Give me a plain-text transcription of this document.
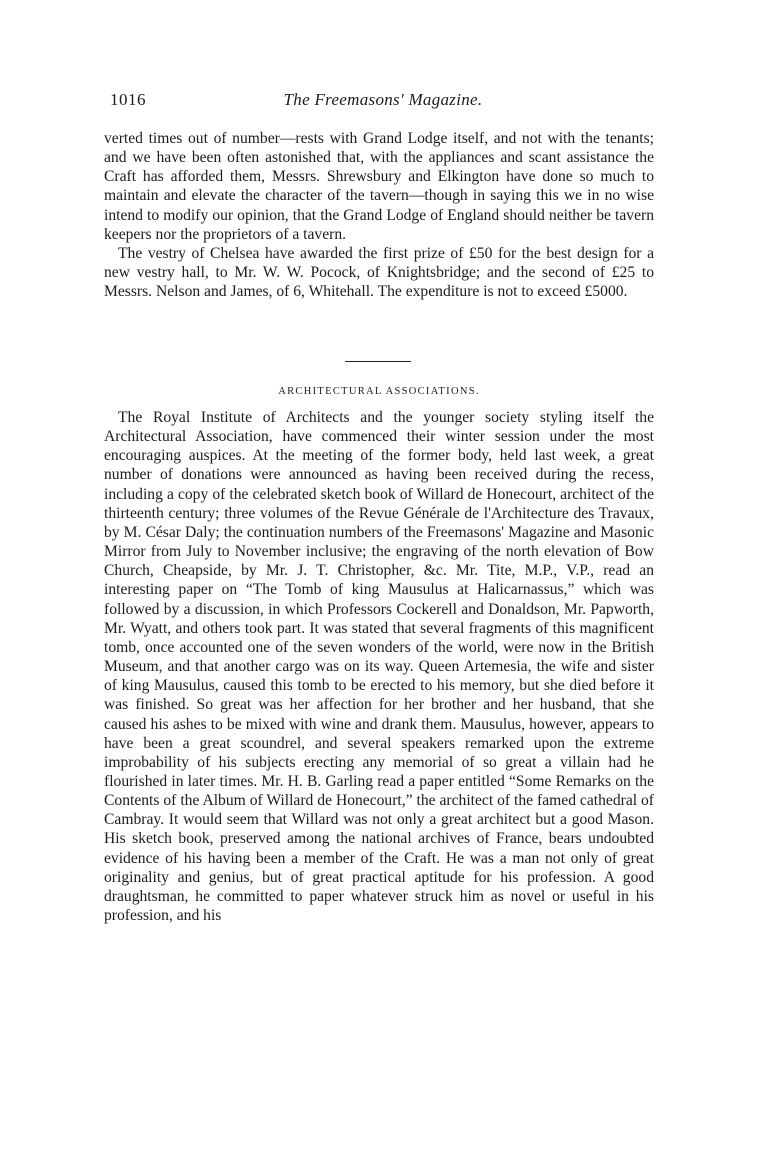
1016	The Freemasons' Magazine.

verted times out of number—rests with Grand Lodge itself, and not with the tenants; and we have been often astonished that, with the appliances and scant assistance the Craft has afforded them, Messrs. Shrewsbury and Elkington have done so much to maintain and elevate the character of the tavern—though in saying this we in no wise intend to modify our opinion, that the Grand Lodge of England should neither be tavern keepers nor the proprietors of a tavern.

The vestry of Chelsea have awarded the first prize of £50 for the best design for a new vestry hall, to Mr. W. W. Pocock, of Knightsbridge; and the second of £25 to Messrs. Nelson and James, of 6, Whitehall. The expenditure is not to exceed £5000.

ARCHITECTURAL ASSOCIATIONS.

The Royal Institute of Architects and the younger society styling itself the Architectural Association, have commenced their winter session under the most encouraging auspices. At the meeting of the former body, held last week, a great number of donations were announced as having been received during the recess, including a copy of the celebrated sketch book of Willard de Honecourt, architect of the thirteenth century; three volumes of the Revue Générale de l'Architecture des Travaux, by M. César Daly; the continuation numbers of the Freemasons' Magazine and Masonic Mirror from July to November inclusive; the engraving of the north elevation of Bow Church, Cheapside, by Mr. J. T. Christopher, &c. Mr. Tite, M.P., V.P., read an interesting paper on “The Tomb of king Mausulus at Halicarnassus,” which was followed by a discussion, in which Professors Cockerell and Donaldson, Mr. Papworth, Mr. Wyatt, and others took part. It was stated that several fragments of this magnificent tomb, once accounted one of the seven wonders of the world, were now in the British Museum, and that another cargo was on its way. Queen Artemesia, the wife and sister of king Mausulus, caused this tomb to be erected to his memory, but she died before it was finished. So great was her affection for her brother and her husband, that she caused his ashes to be mixed with wine and drank them. Mausulus, however, appears to have been a great scoundrel, and several speakers remarked upon the extreme improbability of his subjects erecting any memorial of so great a villain had he flourished in later times. Mr. H. B. Garling read a paper entitled “Some Remarks on the Contents of the Album of Willard de Honecourt,” the architect of the famed cathedral of Cambray. It would seem that Willard was not only a great architect but a good Mason. His sketch book, preserved among the national archives of France, bears undoubted evidence of his having been a member of the Craft. He was a man not only of great originality and genius, but of great practical aptitude for his profession. A good draughtsman, he committed to paper whatever struck him as novel or useful in his profession, and his
